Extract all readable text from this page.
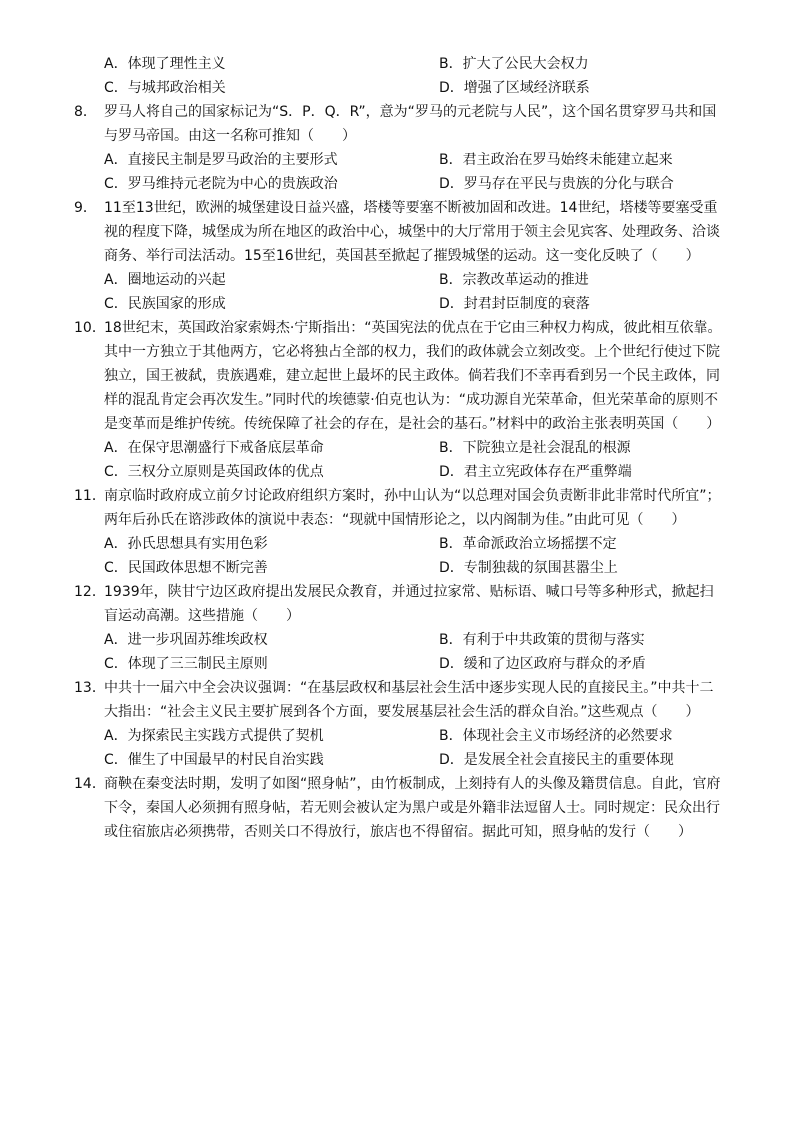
A．体现了理性主义	B．扩大了公民大会权力
C．与城邦政治相关	D．增强了区域经济联系
8． 罗马人将自己的国家标记为“S．P．Q．R”，意为“罗马的元老院与人民”，这个国名贯穿罗马共和国与罗马帝国。由这一名称可推知（　　）
A．直接民主制是罗马政治的主要形式	B．君主政治在罗马始终未能建立起来
C．罗马维持元老院为中心的贵族政治	D．罗马存在平民与贵族的分化与联合
9． 11至13世纪，欧洲的城堡建设日益兴盛，塔楼等要塞不断被加固和改进。14世纪，塔楼等要塞受重视的程度下降，城堡成为所在地区的政治中心，城堡中的大厅常用于领主会见宾客、处理政务、洽谈商务、举行司法活动。15至16世纪，英国甚至掀起了摧毁城堡的运动。这一变化反映了（　　）
A．圈地运动的兴起	B．宗教改革运动的推进
C．民族国家的形成	D．封君封臣制度的衰落
10．18世纪末，英国政治家索姆杰·宁斯指出：“英国宪法的优点在于它由三种权力构成，彼此相互依靠。其中一方独立于其他两方，它必将独占全部的权力，我们的政体就会立刻改变。上个世纪行使过下院独立，国王被弑，贵族遇难，建立起世上最坏的民主政体。倘若我们不幸再看到另一个民主政体，同样的混乱肯定会再次发生。”同时代的埃德蒙·伯克也认为：“成功源自光荣革命，但光荣革命的原则不是变革而是维护传统。传统保障了社会的存在，是社会的基石。”材料中的政治主张表明英国（　　）
A．在保守思潮盛行下戒备底层革命	B．下院独立是社会混乱的根源
C．三权分立原则是英国政体的优点	D．君主立宪政体存在严重弊端
11．南京临时政府成立前夕讨论政府组织方案时，孙中山认为“以总理对国会负责断非此非常时代所宜”；两年后孙氏在谘涉政体的演说中表态：“现就中国情形论之，以内阁制为佳。”由此可见（　　）
A．孙氏思想具有实用色彩	B．革命派政治立场摇摆不定
C．民国政体思想不断完善	D．专制独裁的氛围甚嚣尘上
12．1939年，陕甘宁边区政府提出发展民众教育，并通过拉家常、贴标语、喊口号等多种形式，掀起扫盲运动高潮。这些措施（　　）
A．进一步巩固苏维埃政权	B．有利于中共政策的贯彻与落实
C．体现了三三制民主原则	D．缓和了边区政府与群众的矛盾
13．中共十一届六中全会决议强调：“在基层政权和基层社会生活中逐步实现人民的直接民主。”中共十二大指出：“社会主义民主要扩展到各个方面，要发展基层社会生活的群众自治。”这些观点（　　）
A．为探索民主实践方式提供了契机	B．体现社会主义市场经济的必然要求
C．催生了中国最早的村民自治实践	D．是发展全社会直接民主的重要体现
14．商鞅在秦变法时期，发明了如图“照身帖”，由竹板制成，上刻持有人的头像及籍贯信息。自此，官府下令，秦国人必须拥有照身帖，若无则会被认定为黑户或是外籍非法逗留人士。同时规定：民众出行或住宿旅店必须携带，否则关口不得放行，旅店也不得留宿。据此可知，照身帖的发行（　　）
